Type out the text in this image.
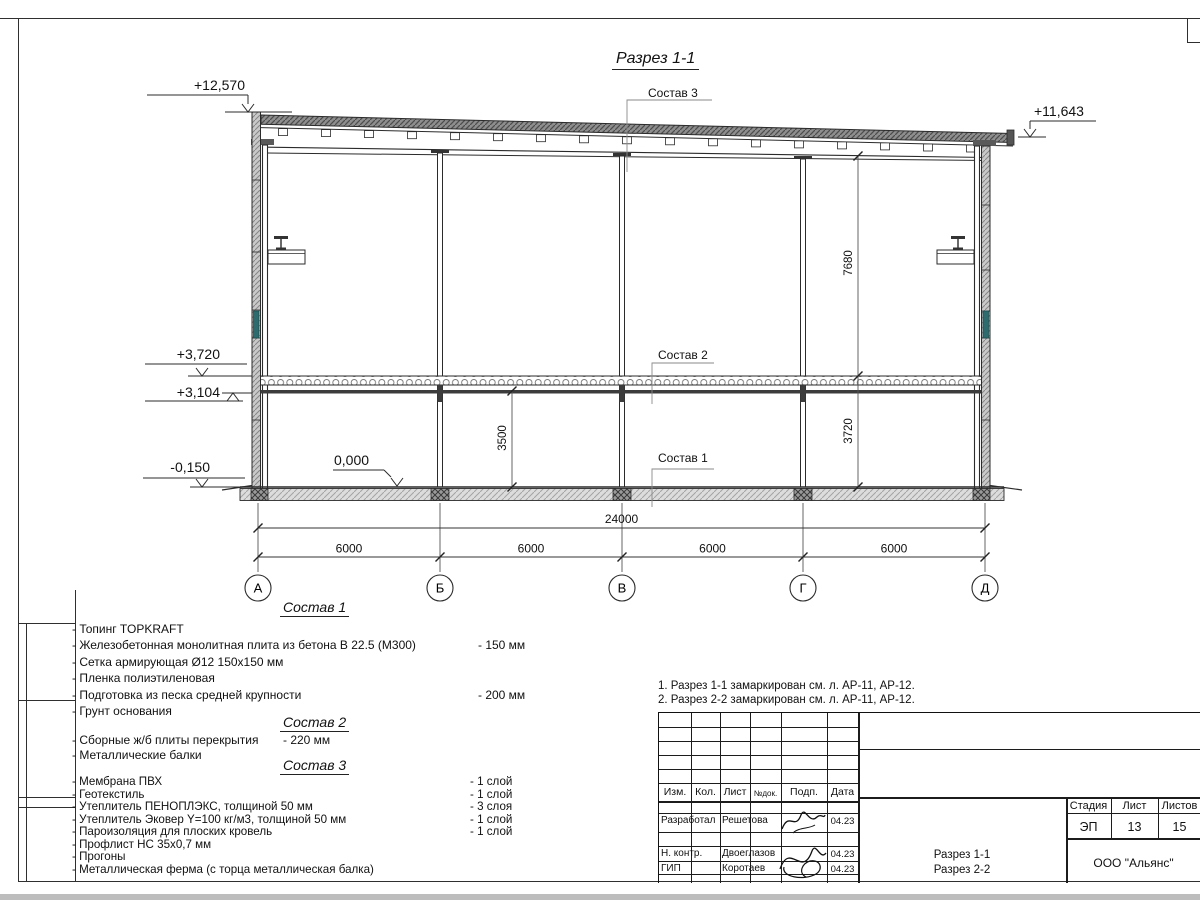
А	Б	В	Г	Д
24000
6000	6000	6000	6000
7680
3500	3720
Разрез 1-1
+12,570
+11,643
+3,720
+3,104
-0,150	0,000
Состав 3
Состав 2
Состав 1
Состав 1
- Топинг TOPKRAFT
- Железобетонная монолитная плита из бетона В 22.5 (М300)	- 150 мм
- Сетка армирующая Ø12 150х150 мм
- Пленка полиэтиленовая
- Подготовка из песка средней крупности	- 200 мм
- Грунт основания
Состав 2
- Сборные ж/б плиты перекрытия - 220 мм
- Металлические балки
Состав 3
- Мембрана ПВХ	- 1 слой
- Геотекстиль	- 1 слой
- Утеплитель ПЕНОПЛЭКС, толщиной 50 мм	- 3 слоя
- Утеплитель Эковер Y=100 кг/м3, толщиной 50 мм	- 1 слой
- Пароизоляция для плоских кровель	- 1 слой
- Профлист НС 35х0,7 мм
- Прогоны
- Металлическая ферма (с торца металлическая балка)
1. Разрез 1-1 замаркирован см. л. АР-11, АР-12.
2. Разрез 2-2 замаркирован см. л. АР-11, АР-12.
Изм. Кол. Лист №док.	Подп.	Дата
Разработал Решетова	04.23
Н. контр. Двоеглазов	04.23
ГИП	Коротаев	04.23
Стадия	Лист	Листов
ЭП	13	15
Разрез 1-1
Разрез 2-2	ООО "Альянс"
